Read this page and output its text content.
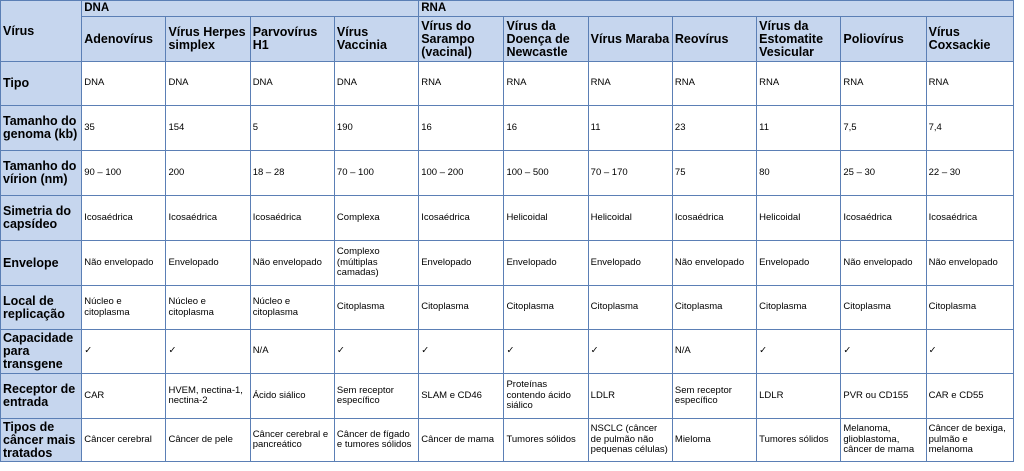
Vírus	DNA				RNA						
	Adenovírus	Vírus Herpes simplex	Parvovírus H1	Vírus Vaccinia	Vírus do Sarampo (vacinal)	Vírus da Doença de Newcastle	Vírus Maraba	Reovírus	Vírus da Estomatite Vesicular	Poliovírus	Vírus Coxsackie
Tipo	DNA	DNA	DNA	DNA	RNA	RNA	RNA	RNA	RNA	RNA	RNA
Tamanho do genoma (kb)	35	154	5	190	16	16	11	23	11	7,5	7,4
Tamanho do vírion (nm)	90 – 100	200	18 – 28	70 – 100	100 – 200	100 – 500	70 – 170	75	80	25 – 30	22 – 30
Simetria do capsídeo	Icosaédrica	Icosaédrica	Icosaédrica	Complexa	Icosaédrica	Helicoidal	Helicoidal	Icosaédrica	Helicoidal	Icosaédrica	Icosaédrica
Envelope	Não envelopado	Envelopado	Não envelopado	Complexo (múltiplas camadas)	Envelopado	Envelopado	Envelopado	Não envelopado	Envelopado	Não envelopado	Não envelopado
Local de replicação	Núcleo e citoplasma	Núcleo e citoplasma	Núcleo e citoplasma	Citoplasma	Citoplasma	Citoplasma	Citoplasma	Citoplasma	Citoplasma	Citoplasma	Citoplasma
Capacidade para transgene	✓	✓	N/A	✓	✓	✓	✓	N/A	✓	✓	✓
Receptor de entrada	CAR	HVEM, nectina-1, nectina-2	Ácido siálico	Sem receptor específico	SLAM e CD46	Proteínas contendo ácido siálico	LDLR	Sem receptor específico	LDLR	PVR ou CD155	CAR e CD55
Tipos de câncer mais tratados	Câncer cerebral	Câncer de pele	Câncer cerebral e pancreático	Câncer de fígado e tumores sólidos	Câncer de mama	Tumores sólidos	NSCLC (câncer de pulmão não pequenas células)	Mieloma	Tumores sólidos	Melanoma, glioblastoma, câncer de mama	Câncer de bexiga, pulmão e melanoma
